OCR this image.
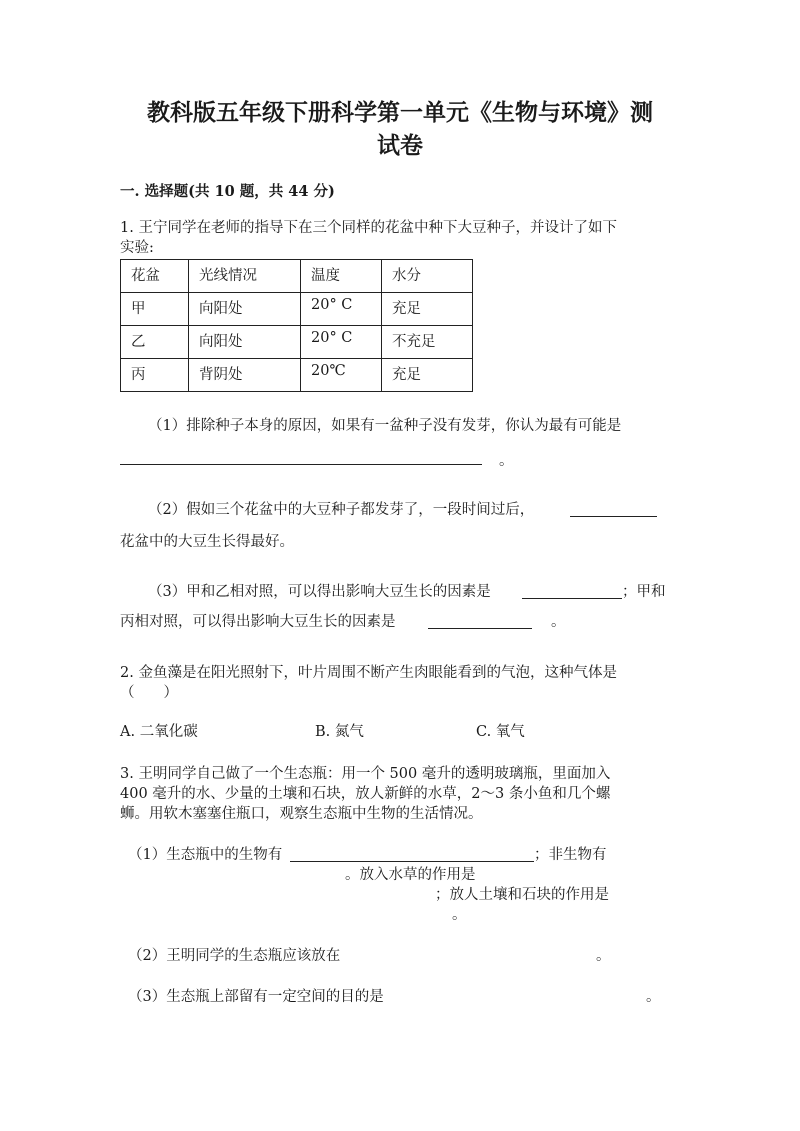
教科版五年级下册科学第一单元《生物与环境》测
试卷
一. 选择题(共 10 题，共 44 分)
1. 王宁同学在老师的指导下在三个同样的花盆中种下大豆种子，并设计了如下
实验:
花盆	光线情况	温度	水分
甲	向阳处	20° C	充足
乙	向阳处	20° C	不充足
丙	背阴处	20℃	充足
（1）排除种子本身的原因，如果有一盆种子没有发芽，你认为最有可能是
。
（2）假如三个花盆中的大豆种子都发芽了，一段时间过后，
花盆中的大豆生长得最好。
（3）甲和乙相对照，可以得出影响大豆生长的因素是	；甲和
丙相对照，可以得出影响大豆生长的因素是	。
2. 金鱼藻是在阳光照射下，叶片周围不断产生肉眼能看到的气泡，这种气体是
（　　）
A. 二氧化碳	B. 氮气	C. 氧气
3. 王明同学自己做了一个生态瓶：用一个 500 毫升的透明玻璃瓶，里面加入
400 毫升的水、少量的土壤和石块，放人新鲜的水草，2～3 条小鱼和几个螺
蛳。用软木塞塞住瓶口，观察生态瓶中生物的生活情况。
（1）生态瓶中的生物有	；非生物有
。放入水草的作用是
；放人土壤和石块的作用是
。
（2）王明同学的生态瓶应该放在	。
（3）生态瓶上部留有一定空间的目的是	。
